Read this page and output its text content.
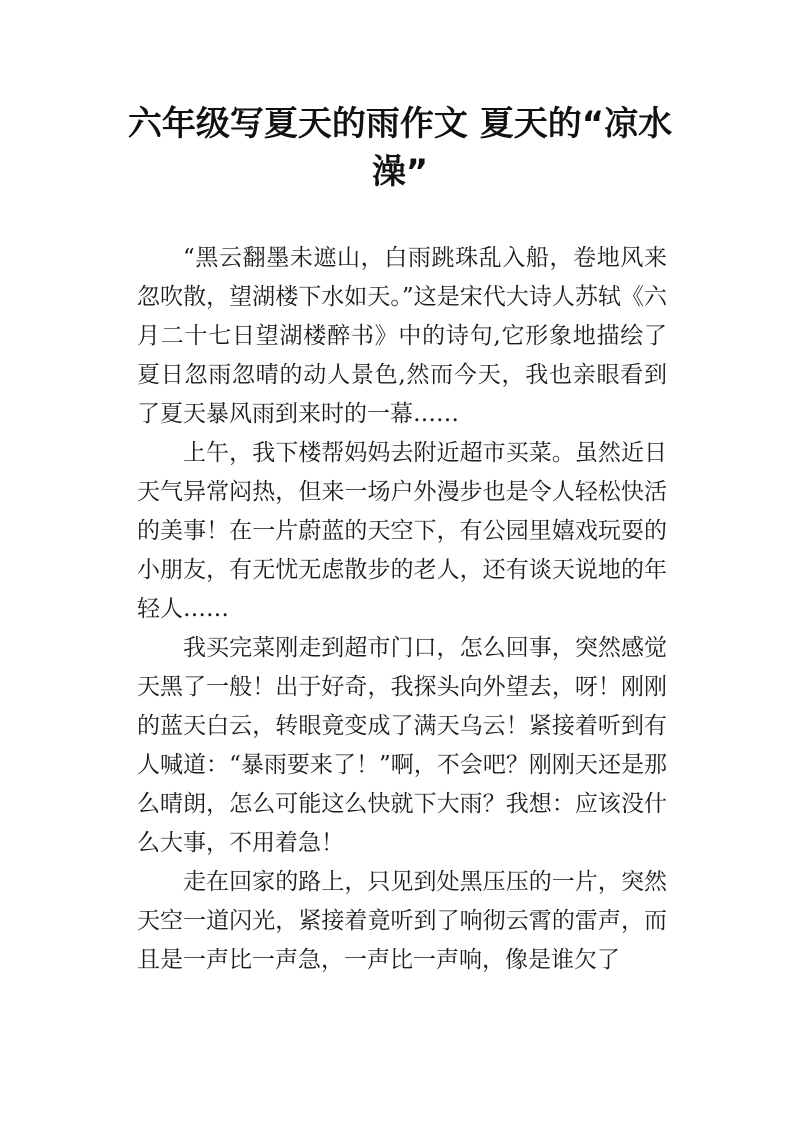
六年级写夏天的雨作文 夏天的“凉水澡”

“黑云翻墨未遮山，白雨跳珠乱入船，卷地风来忽吹散，望湖楼下水如天。”这是宋代大诗人苏轼《六月二十七日望湖楼醉书》中的诗句,它形象地描绘了夏日忽雨忽晴的动人景色,然而今天，我也亲眼看到了夏天暴风雨到来时的一幕……

上午，我下楼帮妈妈去附近超市买菜。虽然近日天气异常闷热，但来一场户外漫步也是令人轻松快活的美事！在一片蔚蓝的天空下，有公园里嬉戏玩耍的小朋友，有无忧无虑散步的老人，还有谈天说地的年轻人……

我买完菜刚走到超市门口，怎么回事，突然感觉天黑了一般！出于好奇，我探头向外望去，呀！刚刚的蓝天白云，转眼竟变成了满天乌云！紧接着听到有人喊道：“暴雨要来了！”啊，不会吧？刚刚天还是那么晴朗，怎么可能这么快就下大雨？我想：应该没什么大事，不用着急！

走在回家的路上，只见到处黑压压的一片，突然天空一道闪光，紧接着竟听到了响彻云霄的雷声，而且是一声比一声急，一声比一声响，像是谁欠了
